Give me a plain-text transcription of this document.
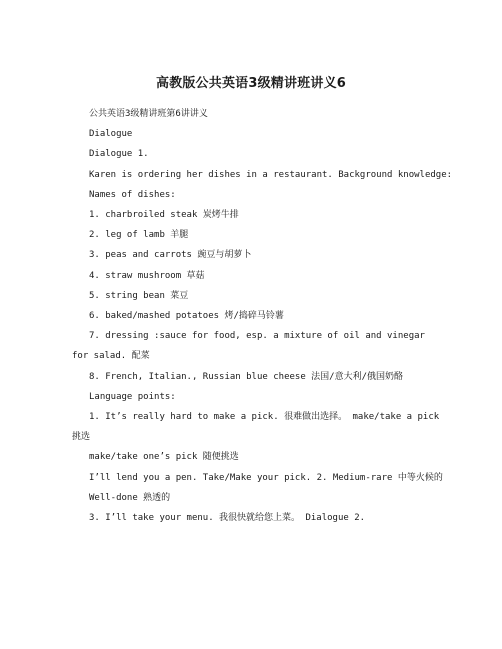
高教版公共英语3级精讲班讲义6
公共英语3级精讲班第6讲讲义
Dialogue
Dialogue 1.
Karen is ordering her dishes in a restaurant. Background knowledge:
Names of dishes:
1. charbroiled steak 炭烤牛排
2. leg of lamb 羊腿
3. peas and carrots 豌豆与胡萝卜
4. straw mushroom 草菇
5. string bean 菜豆
6. baked/mashed potatoes 烤/捣碎马铃薯
7. dressing :sauce for food, esp. a mixture of oil and vinegar for salad. 配菜
8. French, Italian., Russian blue cheese 法国/意大利/俄国奶酪
Language points:
1. It’s really hard to make a pick. 很难做出选择。 make/take a pick 挑选
make/take one’s pick 随便挑选
I’ll lend you a pen. Take/Make your pick. 2. Medium-rare 中等火候的
Well-done 熟透的
3. I’ll take your menu. 我很快就给您上菜。 Dialogue 2.
